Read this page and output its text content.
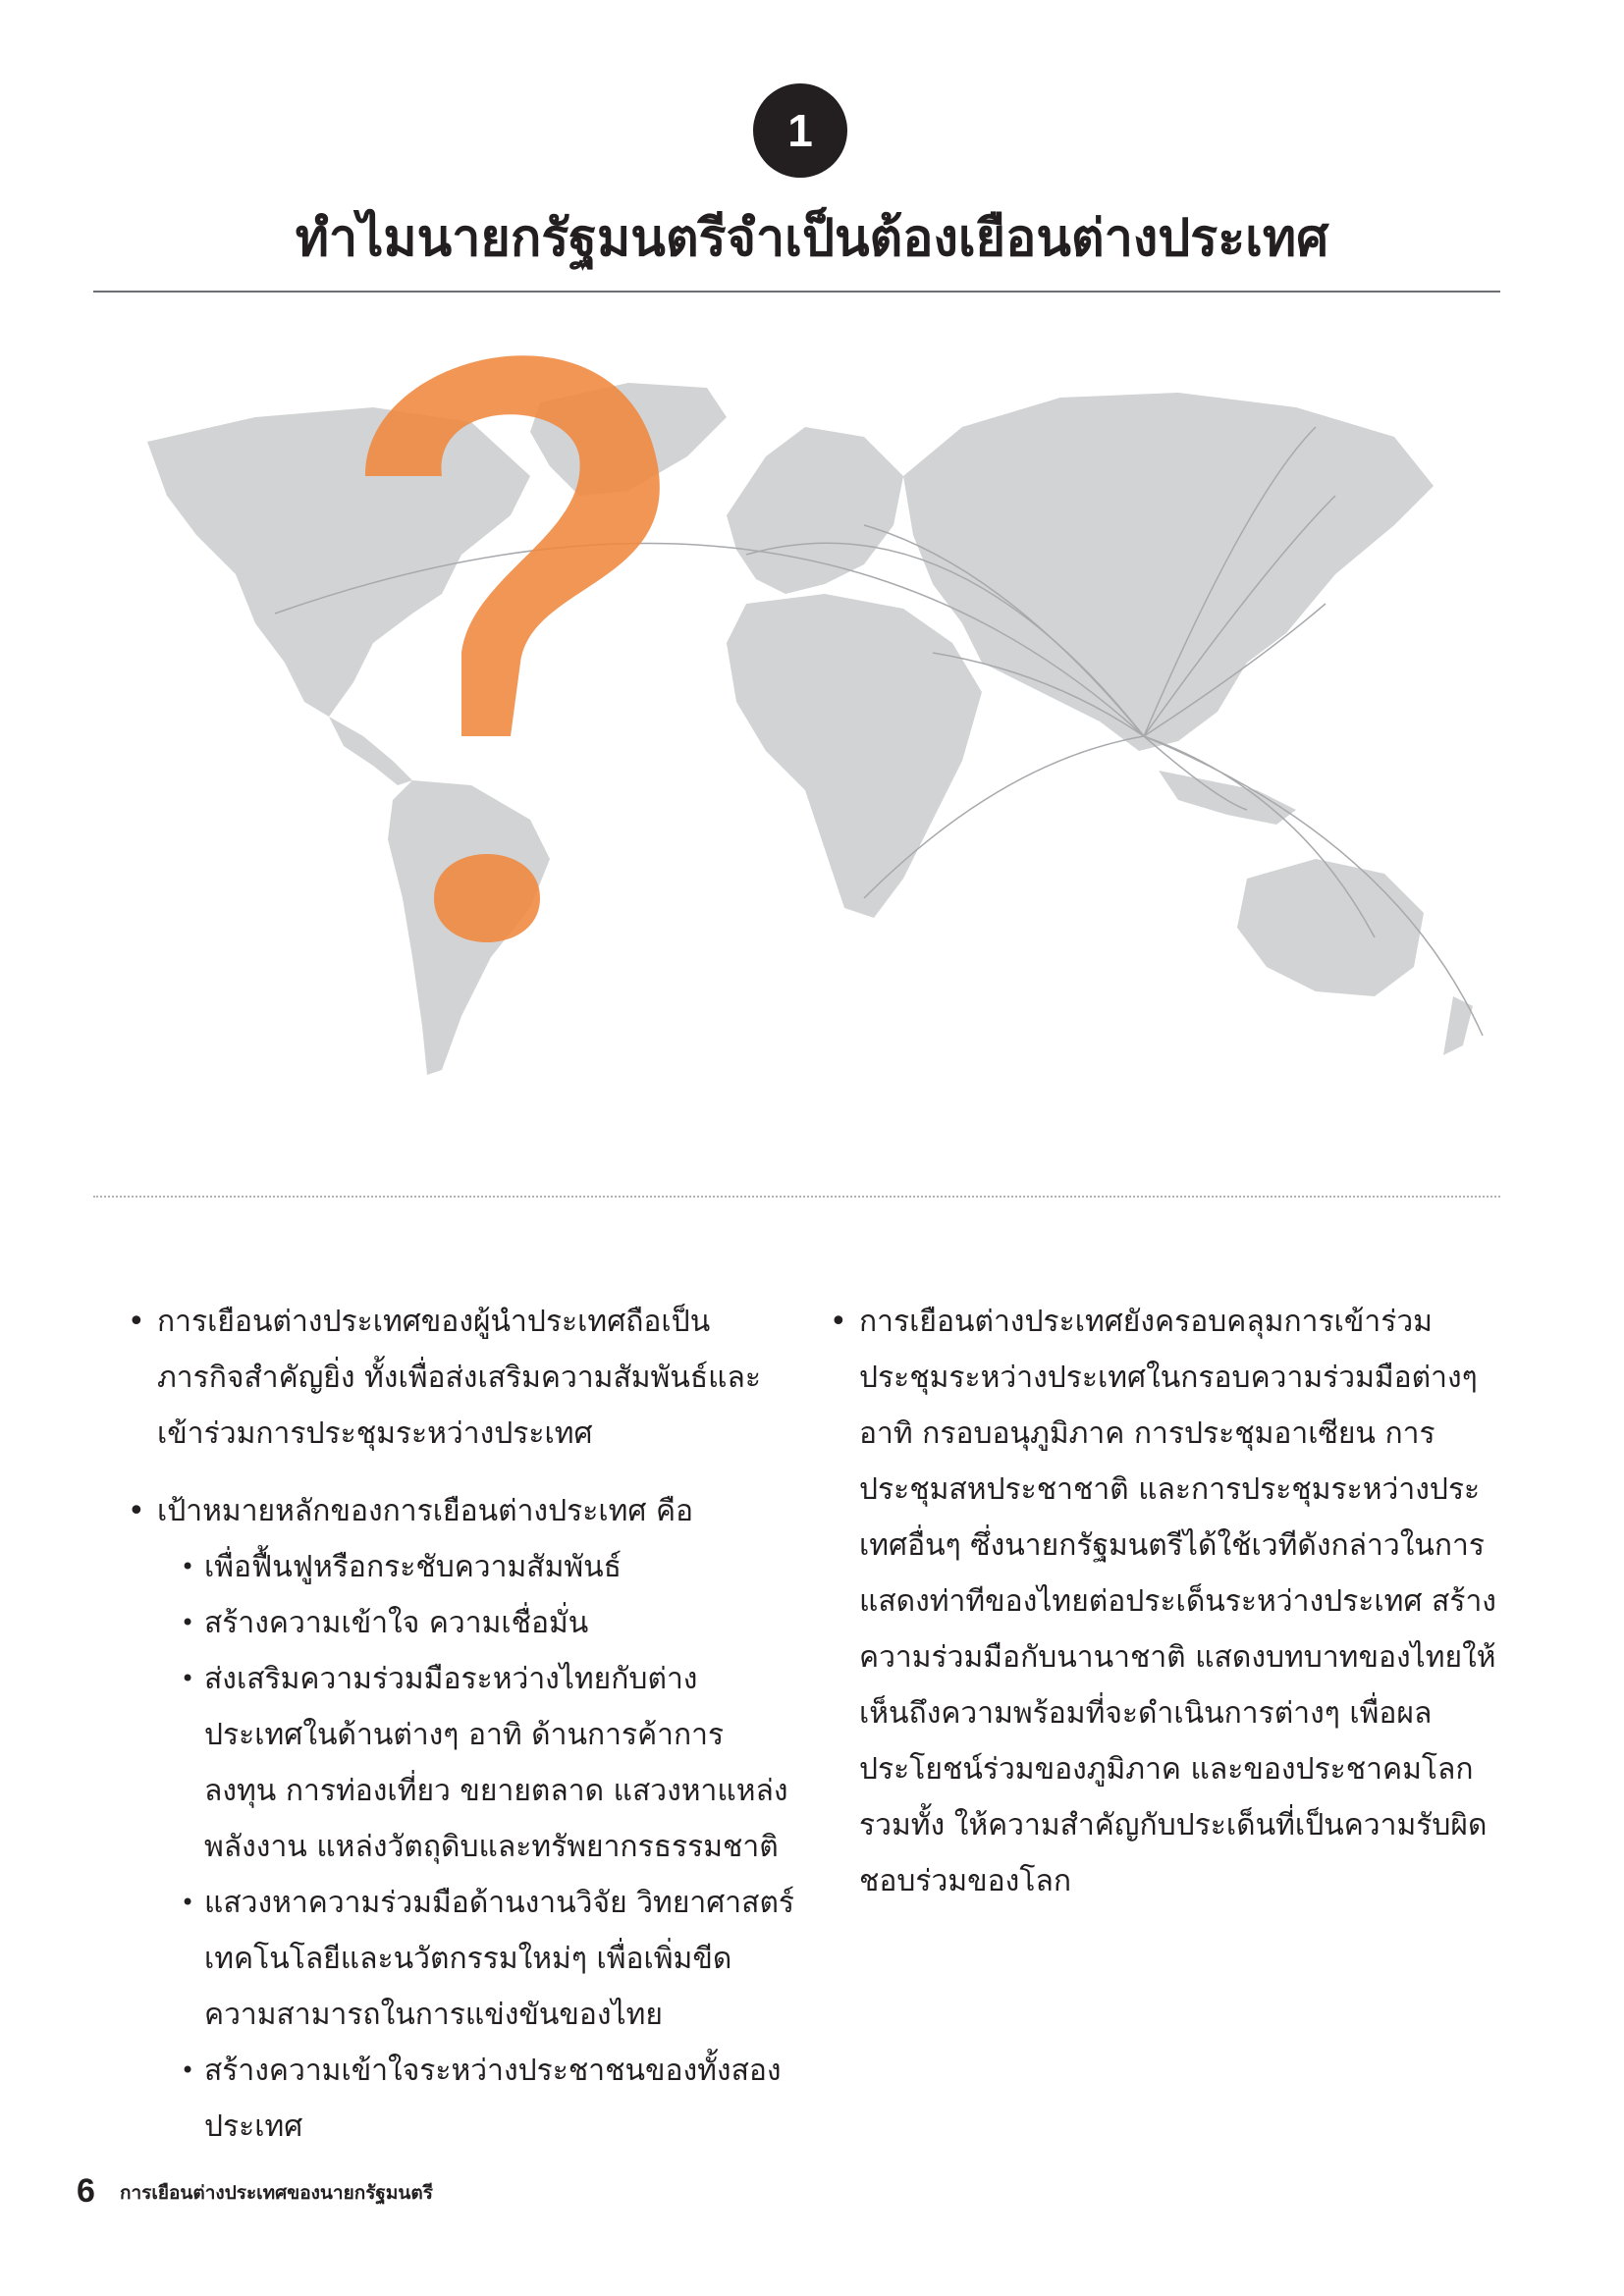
1
ทำไมนายกรัฐมนตรีจำเป็นต้องเยือนต่างประเทศ
• การเยือนต่างประเทศของผู้นำประเทศถือเป็นภารกิจสำคัญยิ่ง ทั้งเพื่อส่งเสริมความสัมพันธ์และเข้าร่วมการประชุมระหว่างประเทศ
• เป้าหมายหลักของการเยือนต่างประเทศ คือ
• เพื่อฟื้นฟูหรือกระชับความสัมพันธ์
• สร้างความเข้าใจ ความเชื่อมั่น
• ส่งเสริมความร่วมมือระหว่างไทยกับต่างประเทศในด้านต่างๆ อาทิ ด้านการค้าการลงทุน การท่องเที่ยว ขยายตลาด แสวงหาแหล่งพลังงาน แหล่งวัตถุดิบและทรัพยากรธรรมชาติ
• แสวงหาความร่วมมือด้านงานวิจัย วิทยาศาสตร์ เทคโนโลยีและนวัตกรรมใหม่ๆ เพื่อเพิ่มขีดความสามารถในการแข่งขันของไทย
• สร้างความเข้าใจระหว่างประชาชนของทั้งสองประเทศ
• การเยือนต่างประเทศยังครอบคลุมการเข้าร่วมประชุมระหว่างประเทศในกรอบความร่วมมือต่างๆ อาทิ กรอบอนุภูมิภาค การประชุมอาเซียน การประชุมสหประชาชาติ และการประชุมระหว่างประเทศอื่นๆ ซึ่งนายกรัฐมนตรีได้ใช้เวทีดังกล่าวในการแสดงท่าทีของไทยต่อประเด็นระหว่างประเทศ สร้างความร่วมมือกับนานาชาติ แสดงบทบาทของไทยให้เห็นถึงความพร้อมที่จะดำเนินการต่างๆ เพื่อผลประโยชน์ร่วมของภูมิภาค และของประชาคมโลก รวมทั้ง ให้ความสำคัญกับประเด็นที่เป็นความรับผิดชอบร่วมของโลก
6 การเยือนต่างประเทศของนายกรัฐมนตรี
